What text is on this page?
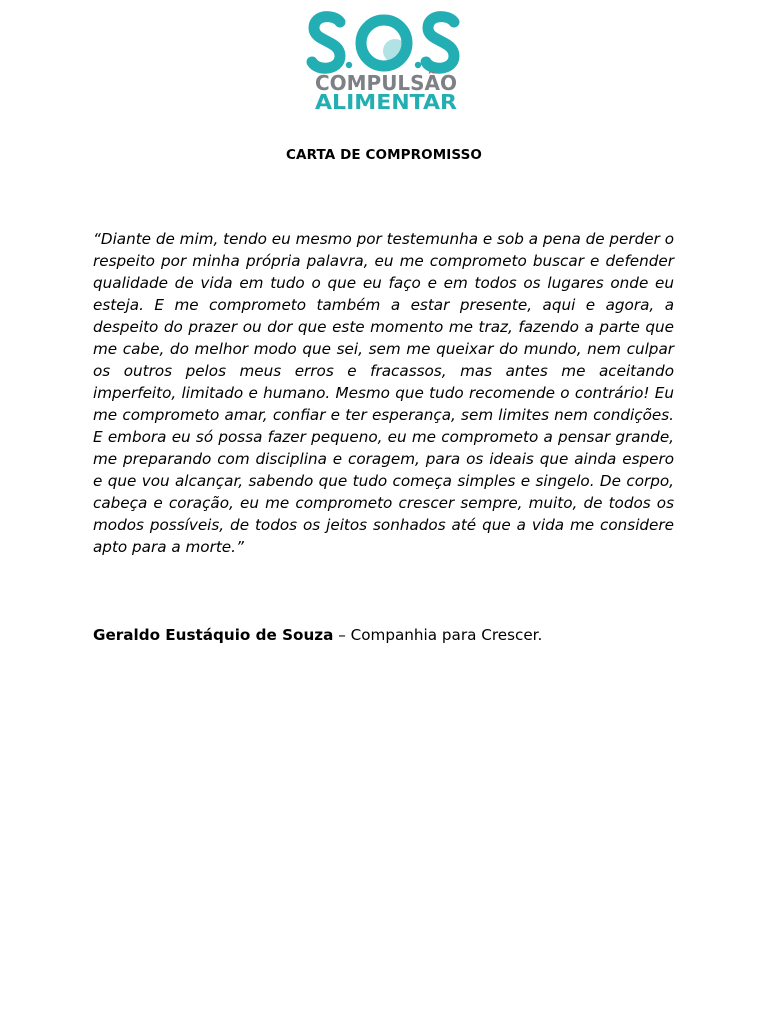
COMPULSÃO
ALIMENTAR
CARTA DE COMPROMISSO

“Diante de mim, tendo eu mesmo por testemunha e sob a pena de perder o respeito por minha própria palavra, eu me comprometo buscar e defender qualidade de vida em tudo o que eu faço e em todos os lugares onde eu esteja. E me comprometo também a estar presente, aqui e agora, a despeito do prazer ou dor que este momento me traz, fazendo a parte que me cabe, do melhor modo que sei, sem me queixar do mundo, nem culpar os outros pelos meus erros e fracassos, mas antes me aceitando imperfeito, limitado e humano. Mesmo que tudo recomende o contrário! Eu me comprometo amar, confiar e ter esperança, sem limites nem condições. E embora eu só possa fazer pequeno, eu me comprometo a pensar grande, me preparando com disciplina e coragem, para os ideais que ainda espero e que vou alcançar, sabendo que tudo começa simples e singelo. De corpo, cabeça e coração, eu me comprometo crescer sempre, muito, de todos os modos possíveis, de todos os jeitos sonhados até que a vida me considere apto para a morte.”

Geraldo Eustáquio de Souza – Companhia para Crescer.
